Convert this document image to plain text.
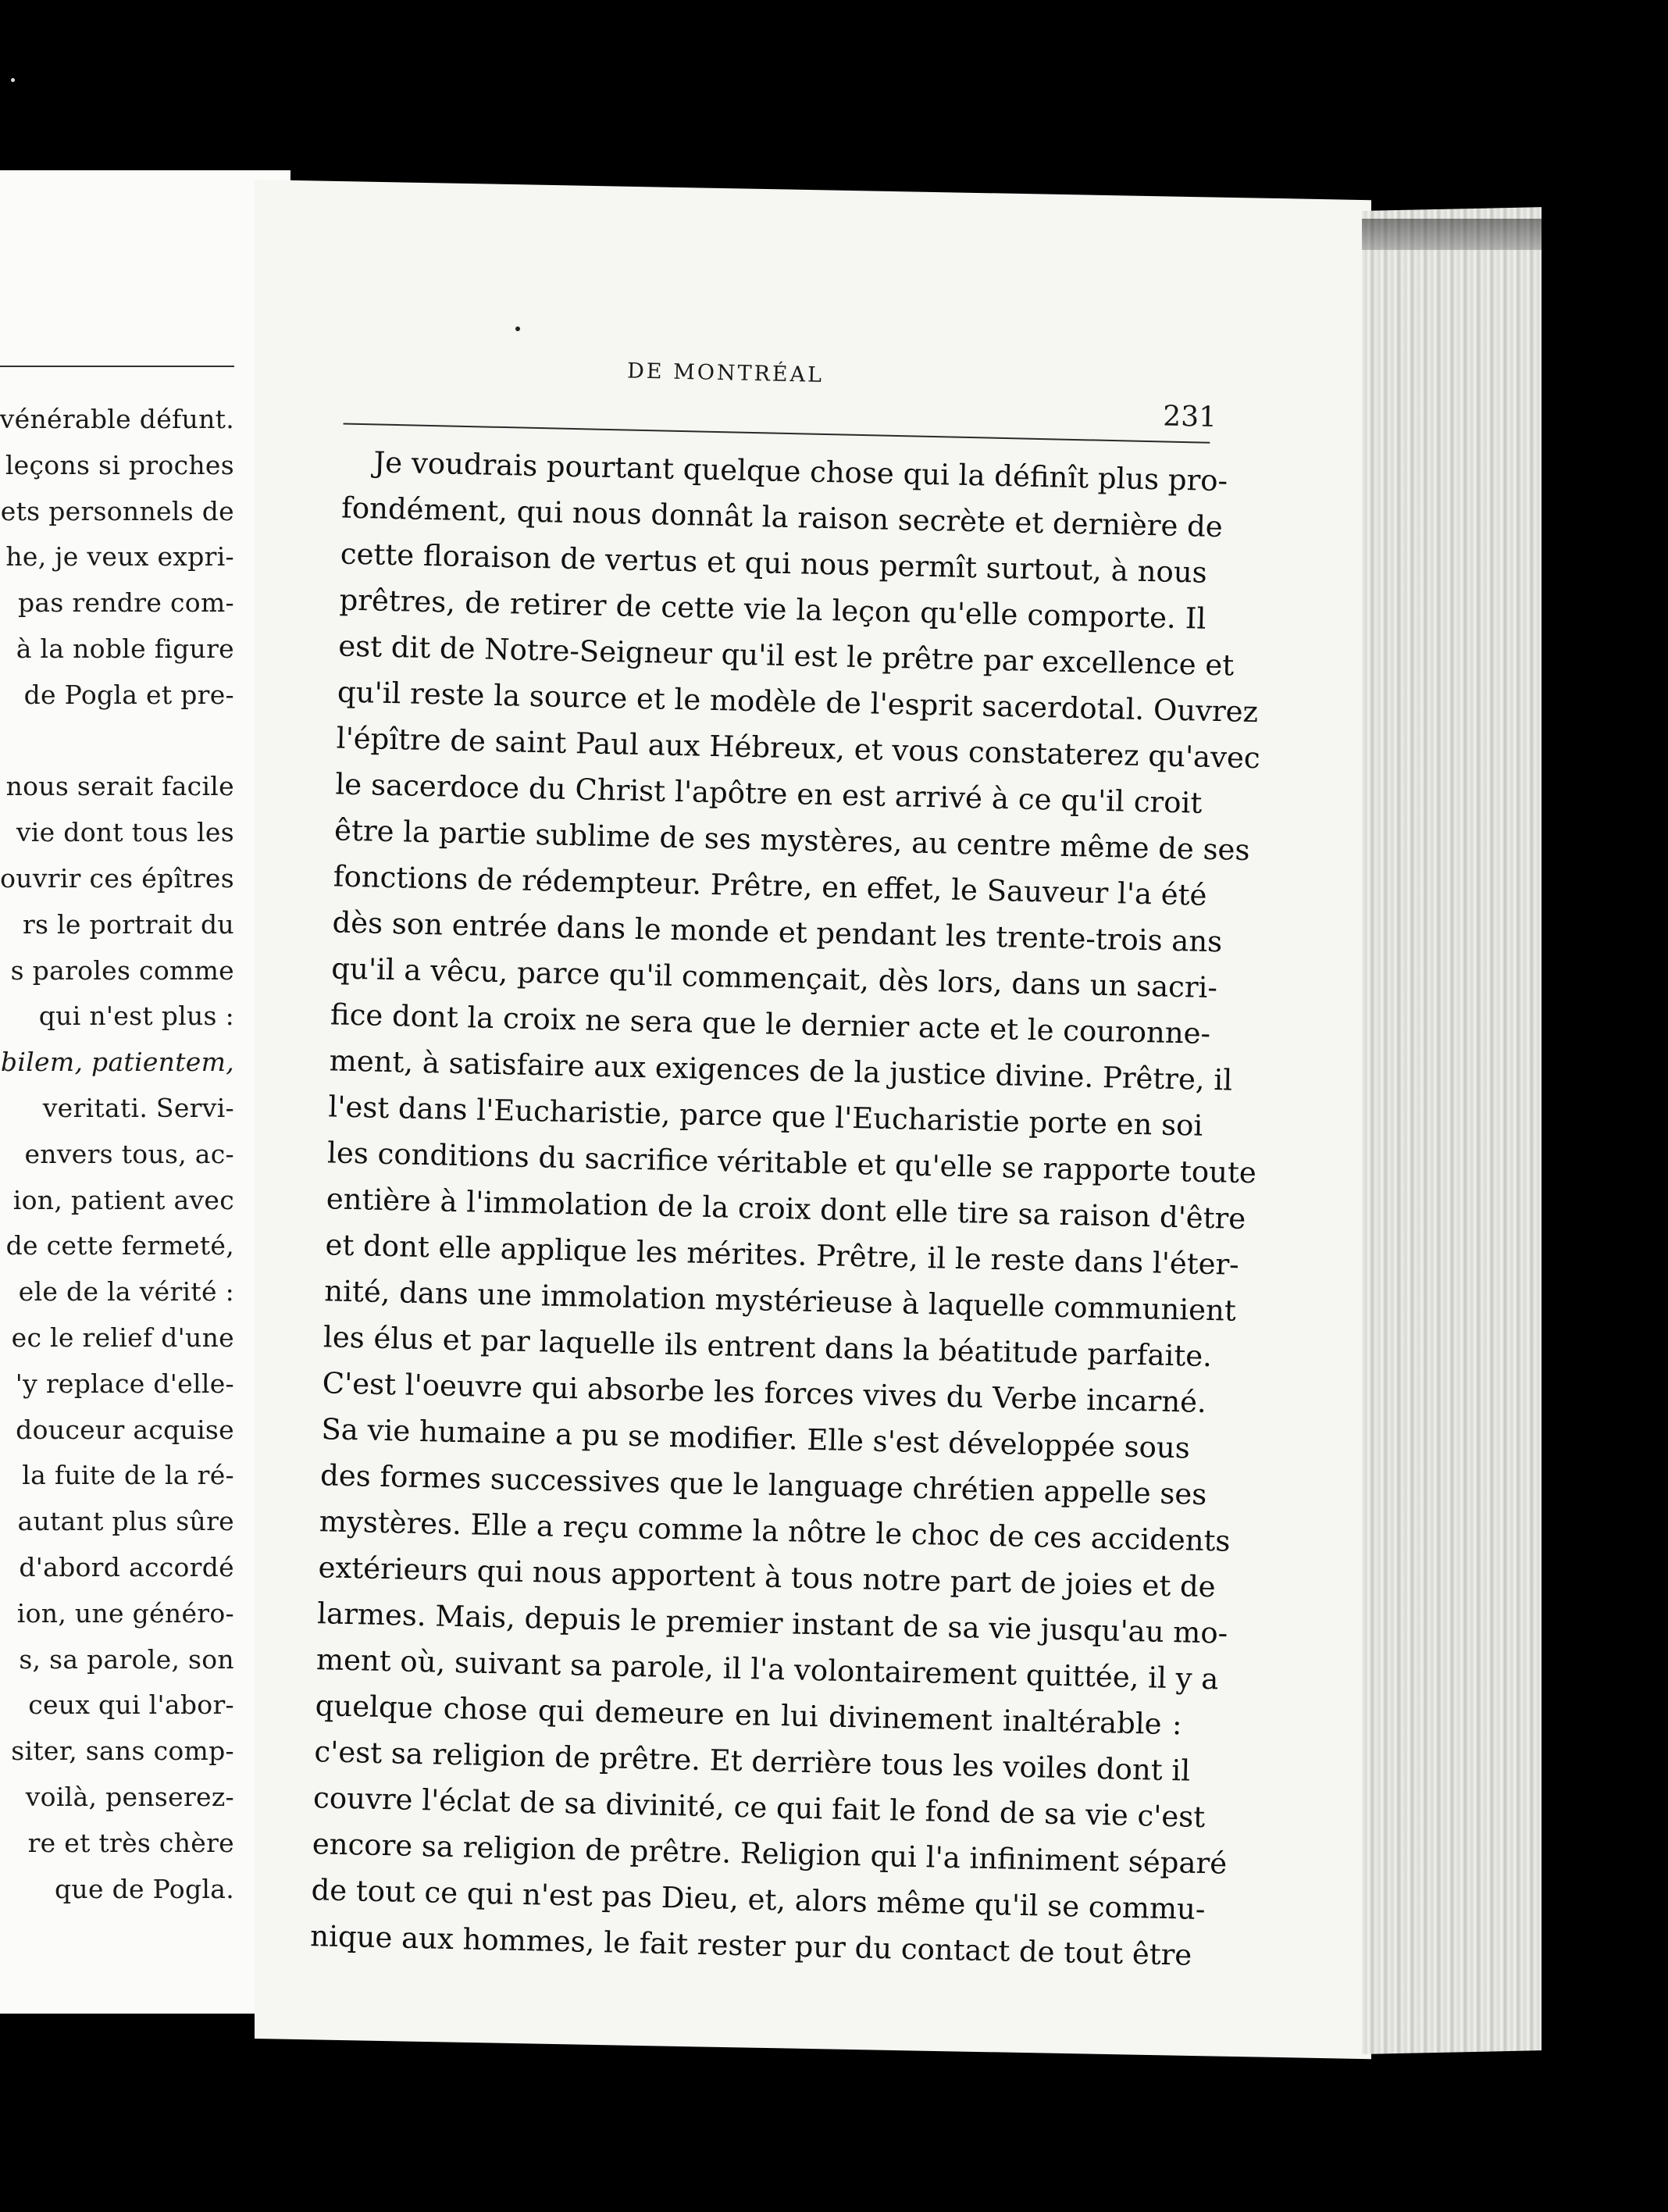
vénérable défunt.
leçons si proches
ets personnels de
he, je veux expri-
pas rendre com-
à la noble figure
de Pogla et pre-
nous serait facile
vie dont tous les
ouvrir ces épîtres
rs le portrait du
s paroles comme
qui n'est plus :
bilem, patientem,
veritati. Servi-
envers tous, ac-
ion, patient avec
de cette fermeté,
ele de la vérité :
ec le relief d'une
'y replace d'elle-
douceur acquise
la fuite de la ré-
autant plus sûre
d'abord accordé
ion, une généro-
s, sa parole, son
ceux qui l'abor-
siter, sans comp-
voilà, penserez-
re et très chère
que de Pogla.
DE MONTRÉAL
231
Je voudrais pourtant quelque chose qui la définît plus pro-
fondément, qui nous donnât la raison secrète et dernière de
cette floraison de vertus et qui nous permît surtout, à nous
prêtres, de retirer de cette vie la leçon qu'elle comporte. Il
est dit de Notre-Seigneur qu'il est le prêtre par excellence et
qu'il reste la source et le modèle de l'esprit sacerdotal. Ouvrez
l'épître de saint Paul aux Hébreux, et vous constaterez qu'avec
le sacerdoce du Christ l'apôtre en est arrivé à ce qu'il croit
être la partie sublime de ses mystères, au centre même de ses
fonctions de rédempteur. Prêtre, en effet, le Sauveur l'a été
dès son entrée dans le monde et pendant les trente-trois ans
qu'il a vêcu, parce qu'il commençait, dès lors, dans un sacri-
fice dont la croix ne sera que le dernier acte et le couronne-
ment, à satisfaire aux exigences de la justice divine. Prêtre, il
l'est dans l'Eucharistie, parce que l'Eucharistie porte en soi
les conditions du sacrifice véritable et qu'elle se rapporte toute
entière à l'immolation de la croix dont elle tire sa raison d'être
et dont elle applique les mérites. Prêtre, il le reste dans l'éter-
nité, dans une immolation mystérieuse à laquelle communient
les élus et par laquelle ils entrent dans la béatitude parfaite.
C'est l'oeuvre qui absorbe les forces vives du Verbe incarné.
Sa vie humaine a pu se modifier. Elle s'est développée sous
des formes successives que le language chrétien appelle ses
mystères. Elle a reçu comme la nôtre le choc de ces accidents
extérieurs qui nous apportent à tous notre part de joies et de
larmes. Mais, depuis le premier instant de sa vie jusqu'au mo-
ment où, suivant sa parole, il l'a volontairement quittée, il y a
quelque chose qui demeure en lui divinement inaltérable :
c'est sa religion de prêtre. Et derrière tous les voiles dont il
couvre l'éclat de sa divinité, ce qui fait le fond de sa vie c'est
encore sa religion de prêtre. Religion qui l'a infiniment séparé
de tout ce qui n'est pas Dieu, et, alors même qu'il se commu-
nique aux hommes, le fait rester pur du contact de tout être
